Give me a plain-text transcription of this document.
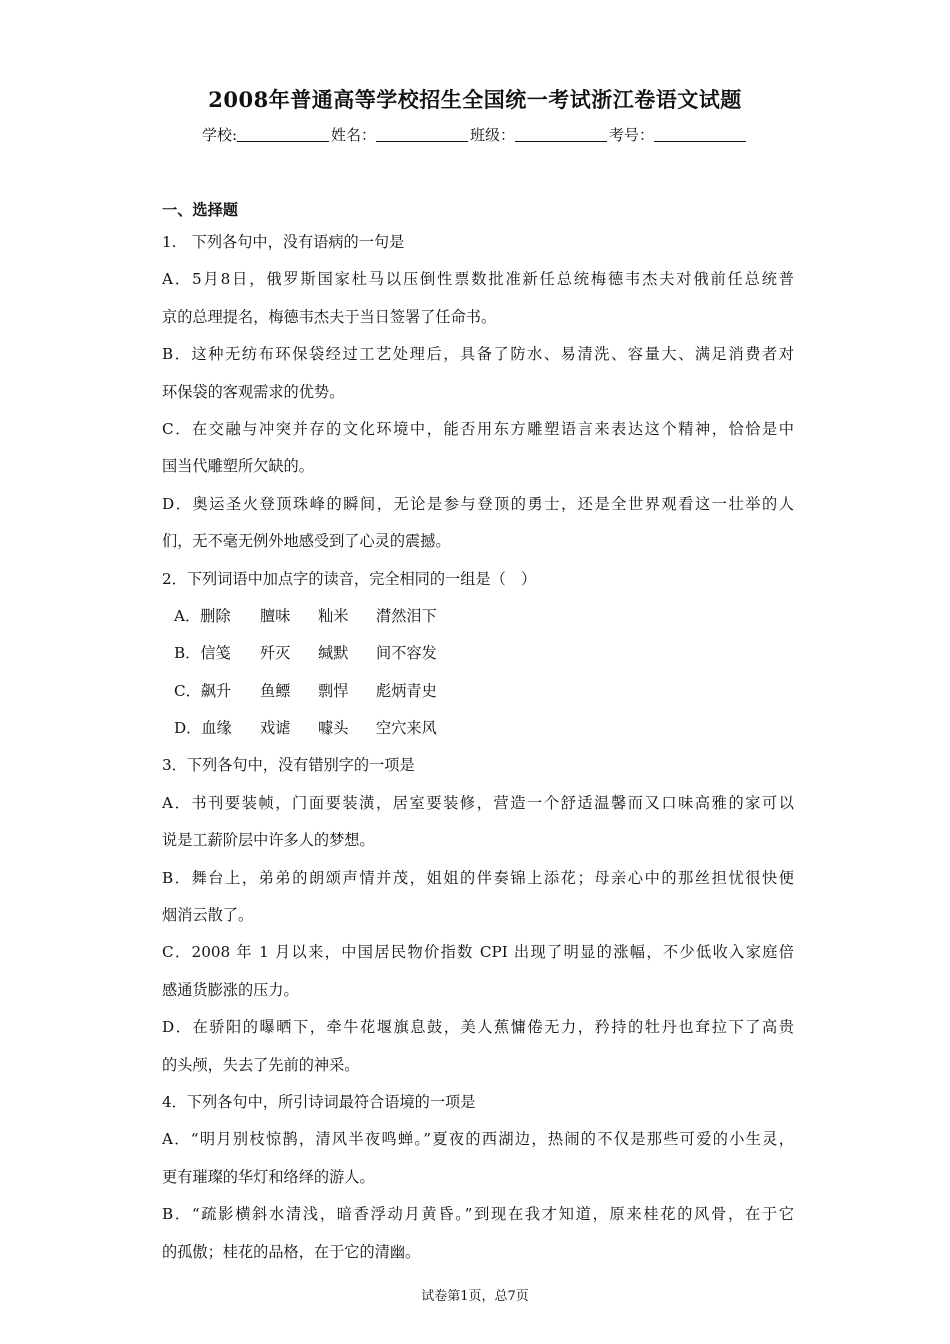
2008年普通高等学校招生全国统一考试浙江卷语文试题
学校:	姓名：	班级：	考号：
一、选择题
1.　下列各句中，没有语病的一句是
A．5月8日，俄罗斯国家杜马以压倒性票数批准新任总统梅德韦杰夫对俄前任总统普
京的总理提名，梅德韦杰夫于当日签署了任命书。
B．这种无纺布环保袋经过工艺处理后，具备了防水、易清洗、容量大、满足消费者对
环保袋的客观需求的优势。
C．在交融与冲突并存的文化环境中，能否用东方雕塑语言来表达这个精神，恰恰是中
国当代雕塑所欠缺的。
D．奥运圣火登顶珠峰的瞬间，无论是参与登顶的勇士，还是全世界观看这一壮举的人
们，无不毫无例外地感受到了心灵的震撼。
2．下列词语中加点字的读音，完全相同的一组是（　）
A．删除 膻味 籼米 潸然泪下
B．信笺 歼灭 缄默 间不容发
C．飙升 鱼鳔 剽悍 彪炳青史
D．血缘 戏谑 噱头 空穴来风
3．下列各句中，没有错别字的一项是
A．书刊要装帧，门面要装潢，居室要装修，营造一个舒适温馨而又口味高雅的家可以
说是工薪阶层中许多人的梦想。
B．舞台上，弟弟的朗颂声情并茂，姐姐的伴奏锦上添花；母亲心中的那丝担忧很快便
烟消云散了。
C．2008 年 1 月以来，中国居民物价指数 CPI 出现了明显的涨幅，不少低收入家庭倍
感通货膨涨的压力。
D．在骄阳的曝晒下，牵牛花堰旗息鼓，美人蕉慵倦无力，矜持的牡丹也耷拉下了高贵
的头颅，失去了先前的神采。
4．下列各句中，所引诗词最符合语境的一项是
A．“明月别枝惊鹊，清风半夜鸣蝉。”夏夜的西湖边，热闹的不仅是那些可爱的小生灵，
更有璀璨的华灯和络绎的游人。
B．“疏影横斜水清浅，暗香浮动月黄昏。”到现在我才知道，原来桂花的风骨，在于它
的孤傲；桂花的品格，在于它的清幽。
试卷第1页，总7页
